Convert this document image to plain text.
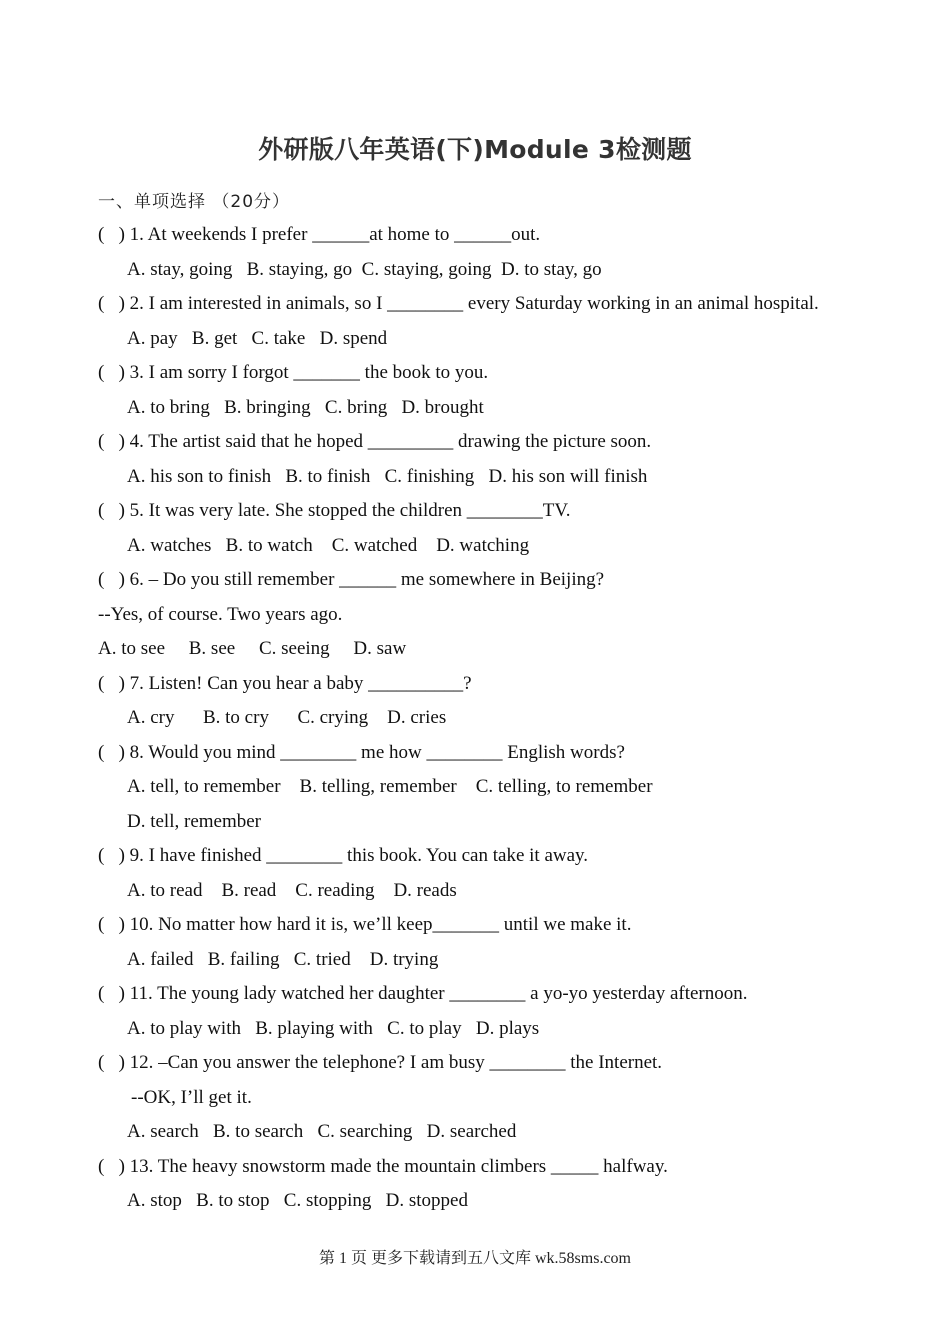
外研版八年英语(下)Module 3检测题
一、单项选择 （20分）
(   ) 1. At weekends I prefer ______at home to ______out.
A. stay, going   B. staying, go  C. staying, going  D. to stay, go
(   ) 2. I am interested in animals, so I ________ every Saturday working in an animal hospital.
A. pay   B. get   C. take   D. spend
(   ) 3. I am sorry I forgot _______ the book to you.
A. to bring   B. bringing   C. bring   D. brought
(   ) 4. The artist said that he hoped _________ drawing the picture soon.
A. his son to finish   B. to finish   C. finishing   D. his son will finish
(   ) 5. It was very late. She stopped the children ________TV.
A. watches   B. to watch    C. watched    D. watching
(   ) 6. – Do you still remember ______ me somewhere in Beijing?
--Yes, of course. Two years ago.
A. to see     B. see     C. seeing     D. saw
(   ) 7. Listen! Can you hear a baby __________?
A. cry      B. to cry      C. crying    D. cries
(   ) 8. Would you mind ________ me how ________ English words?
A. tell, to remember    B. telling, remember    C. telling, to remember
D. tell, remember
(   ) 9. I have finished ________ this book. You can take it away.
A. to read    B. read    C. reading    D. reads
(   ) 10. No matter how hard it is, we’ll keep_______ until we make it.
A. failed   B. failing   C. tried    D. trying
(   ) 11. The young lady watched her daughter ________ a yo-yo yesterday afternoon.
A. to play with   B. playing with   C. to play   D. plays
(   ) 12. –Can you answer the telephone? I am busy ________ the Internet.
--OK, I’ll get it.
A. search   B. to search   C. searching   D. searched
(   ) 13. The heavy snowstorm made the mountain climbers _____ halfway.
A. stop   B. to stop   C. stopping   D. stopped
第 1 页 更多下载请到五八文库 wk.58sms.com
